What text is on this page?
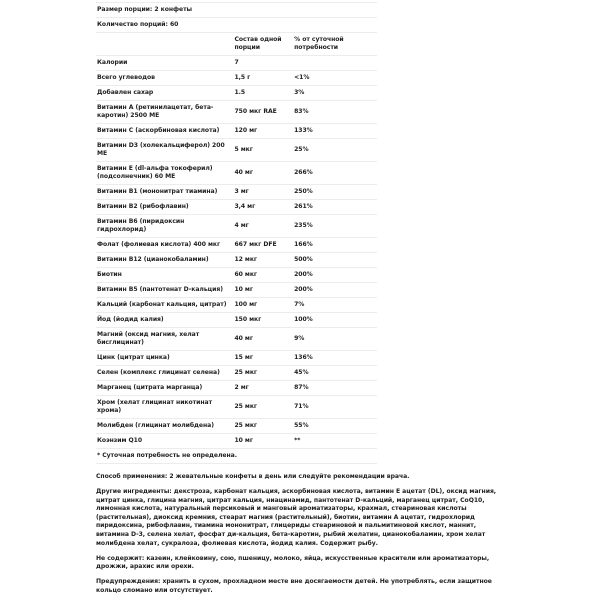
Размер порции: 2 конфеты		
Количество порций: 60		
	Состав одной порции	% от суточной потребности
Калории	7	
Всего углеводов	1,5 г	<1%
Добавлен сахар	1.5	3%
Витамин А (ретинилацетат, бета-каротин) 2500 МЕ	750 мкг RAE	83%
Витамин С (аскорбиновая кислота)	120 мг	133%
Витамин D3 (холекальциферол) 200 МЕ	5 мкг	25%
Витамин Е (dl-альфа токоферил) (подсолнечник) 60 МЕ	40 мг	266%
Витамин В1 (мононитрат тиамина)	3 мг	250%
Витамин В2 (рибофлавин)	3,4 мг	261%
Витамин В6 (пиридоксин гидрохлорид)	4 мг	235%
Фолат (фолиевая кислота) 400 мкг	667 мкг DFE	166%
Витамин В12 (цианокобаламин)	12 мкг	500%
Биотин	60 мкг	200%
Витамин В5 (пантотенат D-кальция)	10 мг	200%
Кальций (карбонат кальция, цитрат)	100 мг	7%
Йод (йодид калия)	150 мкг	100%
Магний (оксид магния, хелат бисглицинат)	40 мг	9%
Цинк (цитрат цинка)	15 мг	136%
Селен (комплекс глицинат селена)	25 мкг	45%
Марганец (цитрата марганца)	2 мг	87%
Хром (хелат глицинат никотинат хрома)	25 мкг	71%
Молибден (глицинат молибдена)	25 мкг	55%
Коэнзим Q10	10 мг	**
* Суточная потребность не определена.		

Способ применения: 2 жевательные конфеты в день или следуйте рекомендации врача.

Другие ингредиенты: декстроза, карбонат кальция, аскорбиновая кислота, витамин Е ацетат (DL), оксид магния, цитрат цинка, глицина магния, цитрат кальция, ниацинамид, пантотенат D-кальций, марганец цитрат, CoQ10, лимонная кислота, натуральный персиковый и манговый ароматизаторы, крахмал, стеариновая кислоты (растительная), диоксид кремния, стеарат магния (растительный), биотин, витамин А ацетат, гидрохлорид пиридоксина, рибофлавин, тиамина мононитрат, глицериды стеариновой и пальмитиновой кислот, маннит, витамина D-3, селена хелат, фосфат ди-кальция, бета-каротин, рыбий желатин, цианокобаламин, хром хелат молибдена хелат, сукралоза, фолиевая кислота, йодид калия. Содержит рыбу.

Не содержит: казеин, клейковину, сою, пшеницу, молоко, яйца, искусственные красители или ароматизаторы, дрожжи, арахис или орехи.

Предупреждения: хранить в сухом, прохладном месте вне досягаемости детей. Не употреблять, если защитное кольцо сломано или отсутствует.
